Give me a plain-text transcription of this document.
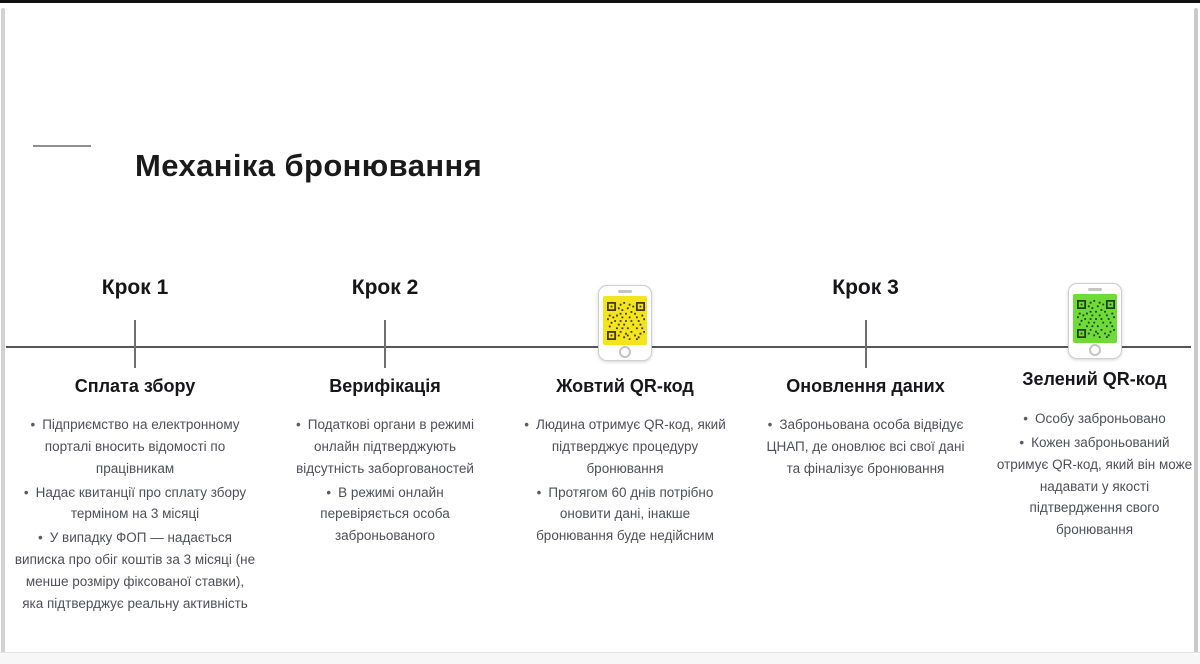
Механіка бронювання
Крок 1
Сплата збору
• Підприємство на електронному порталі вносить відомості по працівникам
• Надає квитанції про сплату збору терміном на 3 місяці
• У випадку ФОП — надається виписка про обіг коштів за 3 місяці (не менше розміру фіксованої ставки), яка підтверджує реальну активність
Крок 2
Верифікація
• Податкові органи в режимі онлайн підтверджують відсутність заборгованостей
• В режимі онлайн перевіряється особа заброньованого
Жовтий QR-код
• Людина отримує QR-код, який підтверджує процедуру бронювання
• Протягом 60 днів потрібно оновити дані, інакше бронювання буде недійсним
Крок 3
Оновлення даних
• Заброньована особа відвідує ЦНАП, де оновлює всі свої дані та фіналізує бронювання
Зелений QR-код
• Особу заброньовано
• Кожен заброньований отримує QR-код, який він може надавати у якості підтвердження свого бронювання
